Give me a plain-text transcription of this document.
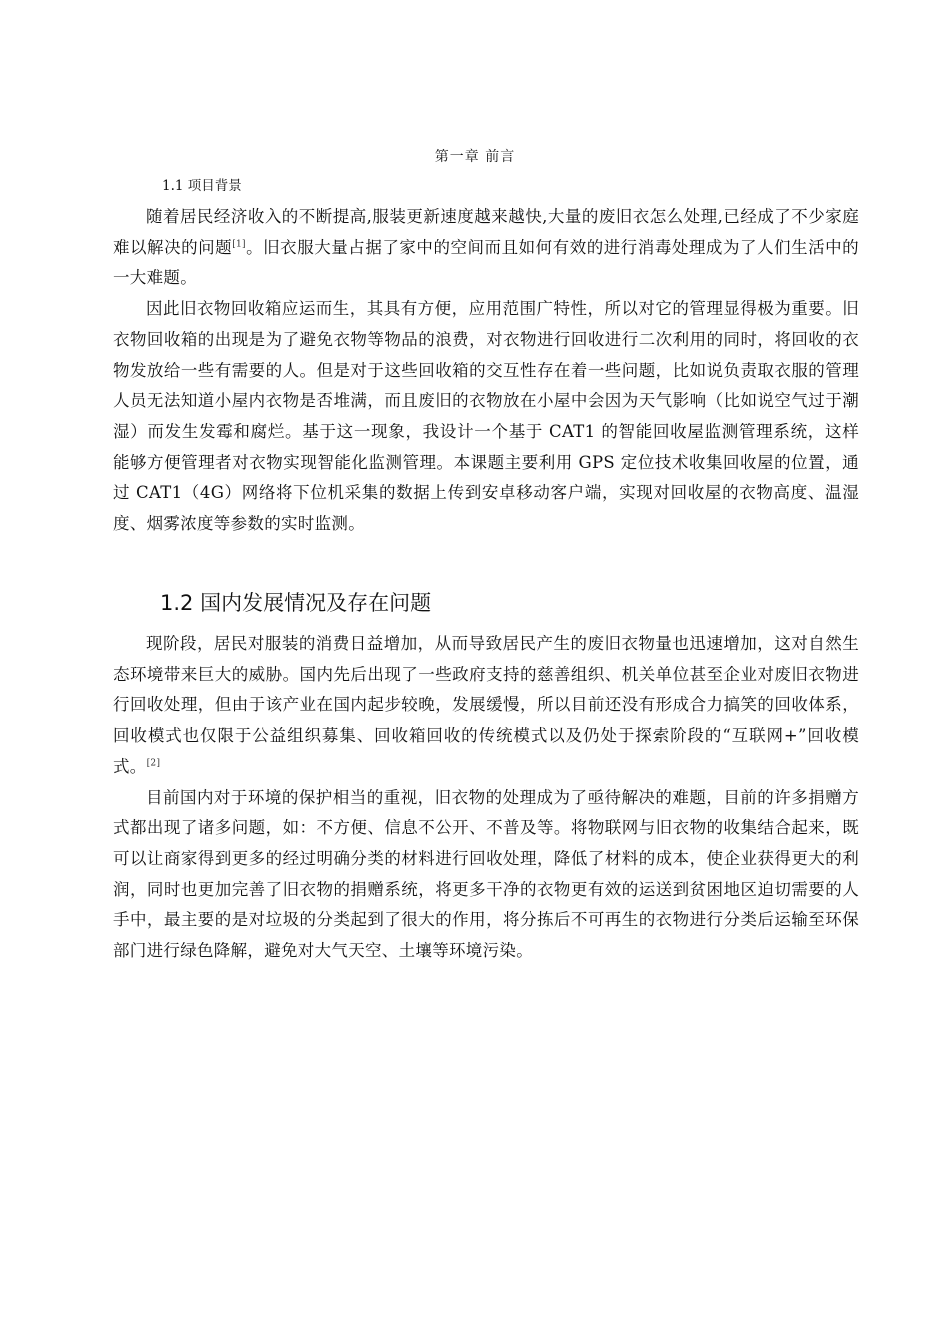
第一章 前言
1.1 项目背景

随着居民经济收入的不断提高,服装更新速度越来越快,大量的废旧衣怎么处理,已经成了不少家庭难以解决的问题[1]。旧衣服大量占据了家中的空间而且如何有效的进行消毒处理成为了人们生活中的一大难题。

因此旧衣物回收箱应运而生，其具有方便，应用范围广特性，所以对它的管理显得极为重要。旧衣物回收箱的出现是为了避免衣物等物品的浪费，对衣物进行回收进行二次利用的同时，将回收的衣物发放给一些有需要的人。但是对于这些回收箱的交互性存在着一些问题，比如说负责取衣服的管理人员无法知道小屋内衣物是否堆满，而且废旧的衣物放在小屋中会因为天气影响（比如说空气过于潮湿）而发生发霉和腐烂。基于这一现象，我设计一个基于 CAT1 的智能回收屋监测管理系统，这样能够方便管理者对衣物实现智能化监测管理。本课题主要利用 GPS 定位技术收集回收屋的位置，通过 CAT1（4G）网络将下位机采集的数据上传到安卓移动客户端，实现对回收屋的衣物高度、温湿度、烟雾浓度等参数的实时监测。

1.2 国内发展情况及存在问题

现阶段，居民对服装的消费日益增加，从而导致居民产生的废旧衣物量也迅速增加，这对自然生态环境带来巨大的威胁。国内先后出现了一些政府支持的慈善组织、机关单位甚至企业对废旧衣物进行回收处理，但由于该产业在国内起步较晚，发展缓慢，所以目前还没有形成合力搞笑的回收体系，回收模式也仅限于公益组织募集、回收箱回收的传统模式以及仍处于探索阶段的“互联网+”回收模式。[2]

目前国内对于环境的保护相当的重视，旧衣物的处理成为了亟待解决的难题，目前的许多捐赠方式都出现了诸多问题，如：不方便、信息不公开、不普及等。将物联网与旧衣物的收集结合起来，既可以让商家得到更多的经过明确分类的材料进行回收处理，降低了材料的成本，使企业获得更大的利润，同时也更加完善了旧衣物的捐赠系统，将更多干净的衣物更有效的运送到贫困地区迫切需要的人手中，最主要的是对垃圾的分类起到了很大的作用，将分拣后不可再生的衣物进行分类后运输至环保部门进行绿色降解，避免对大气天空、土壤等环境污染。
